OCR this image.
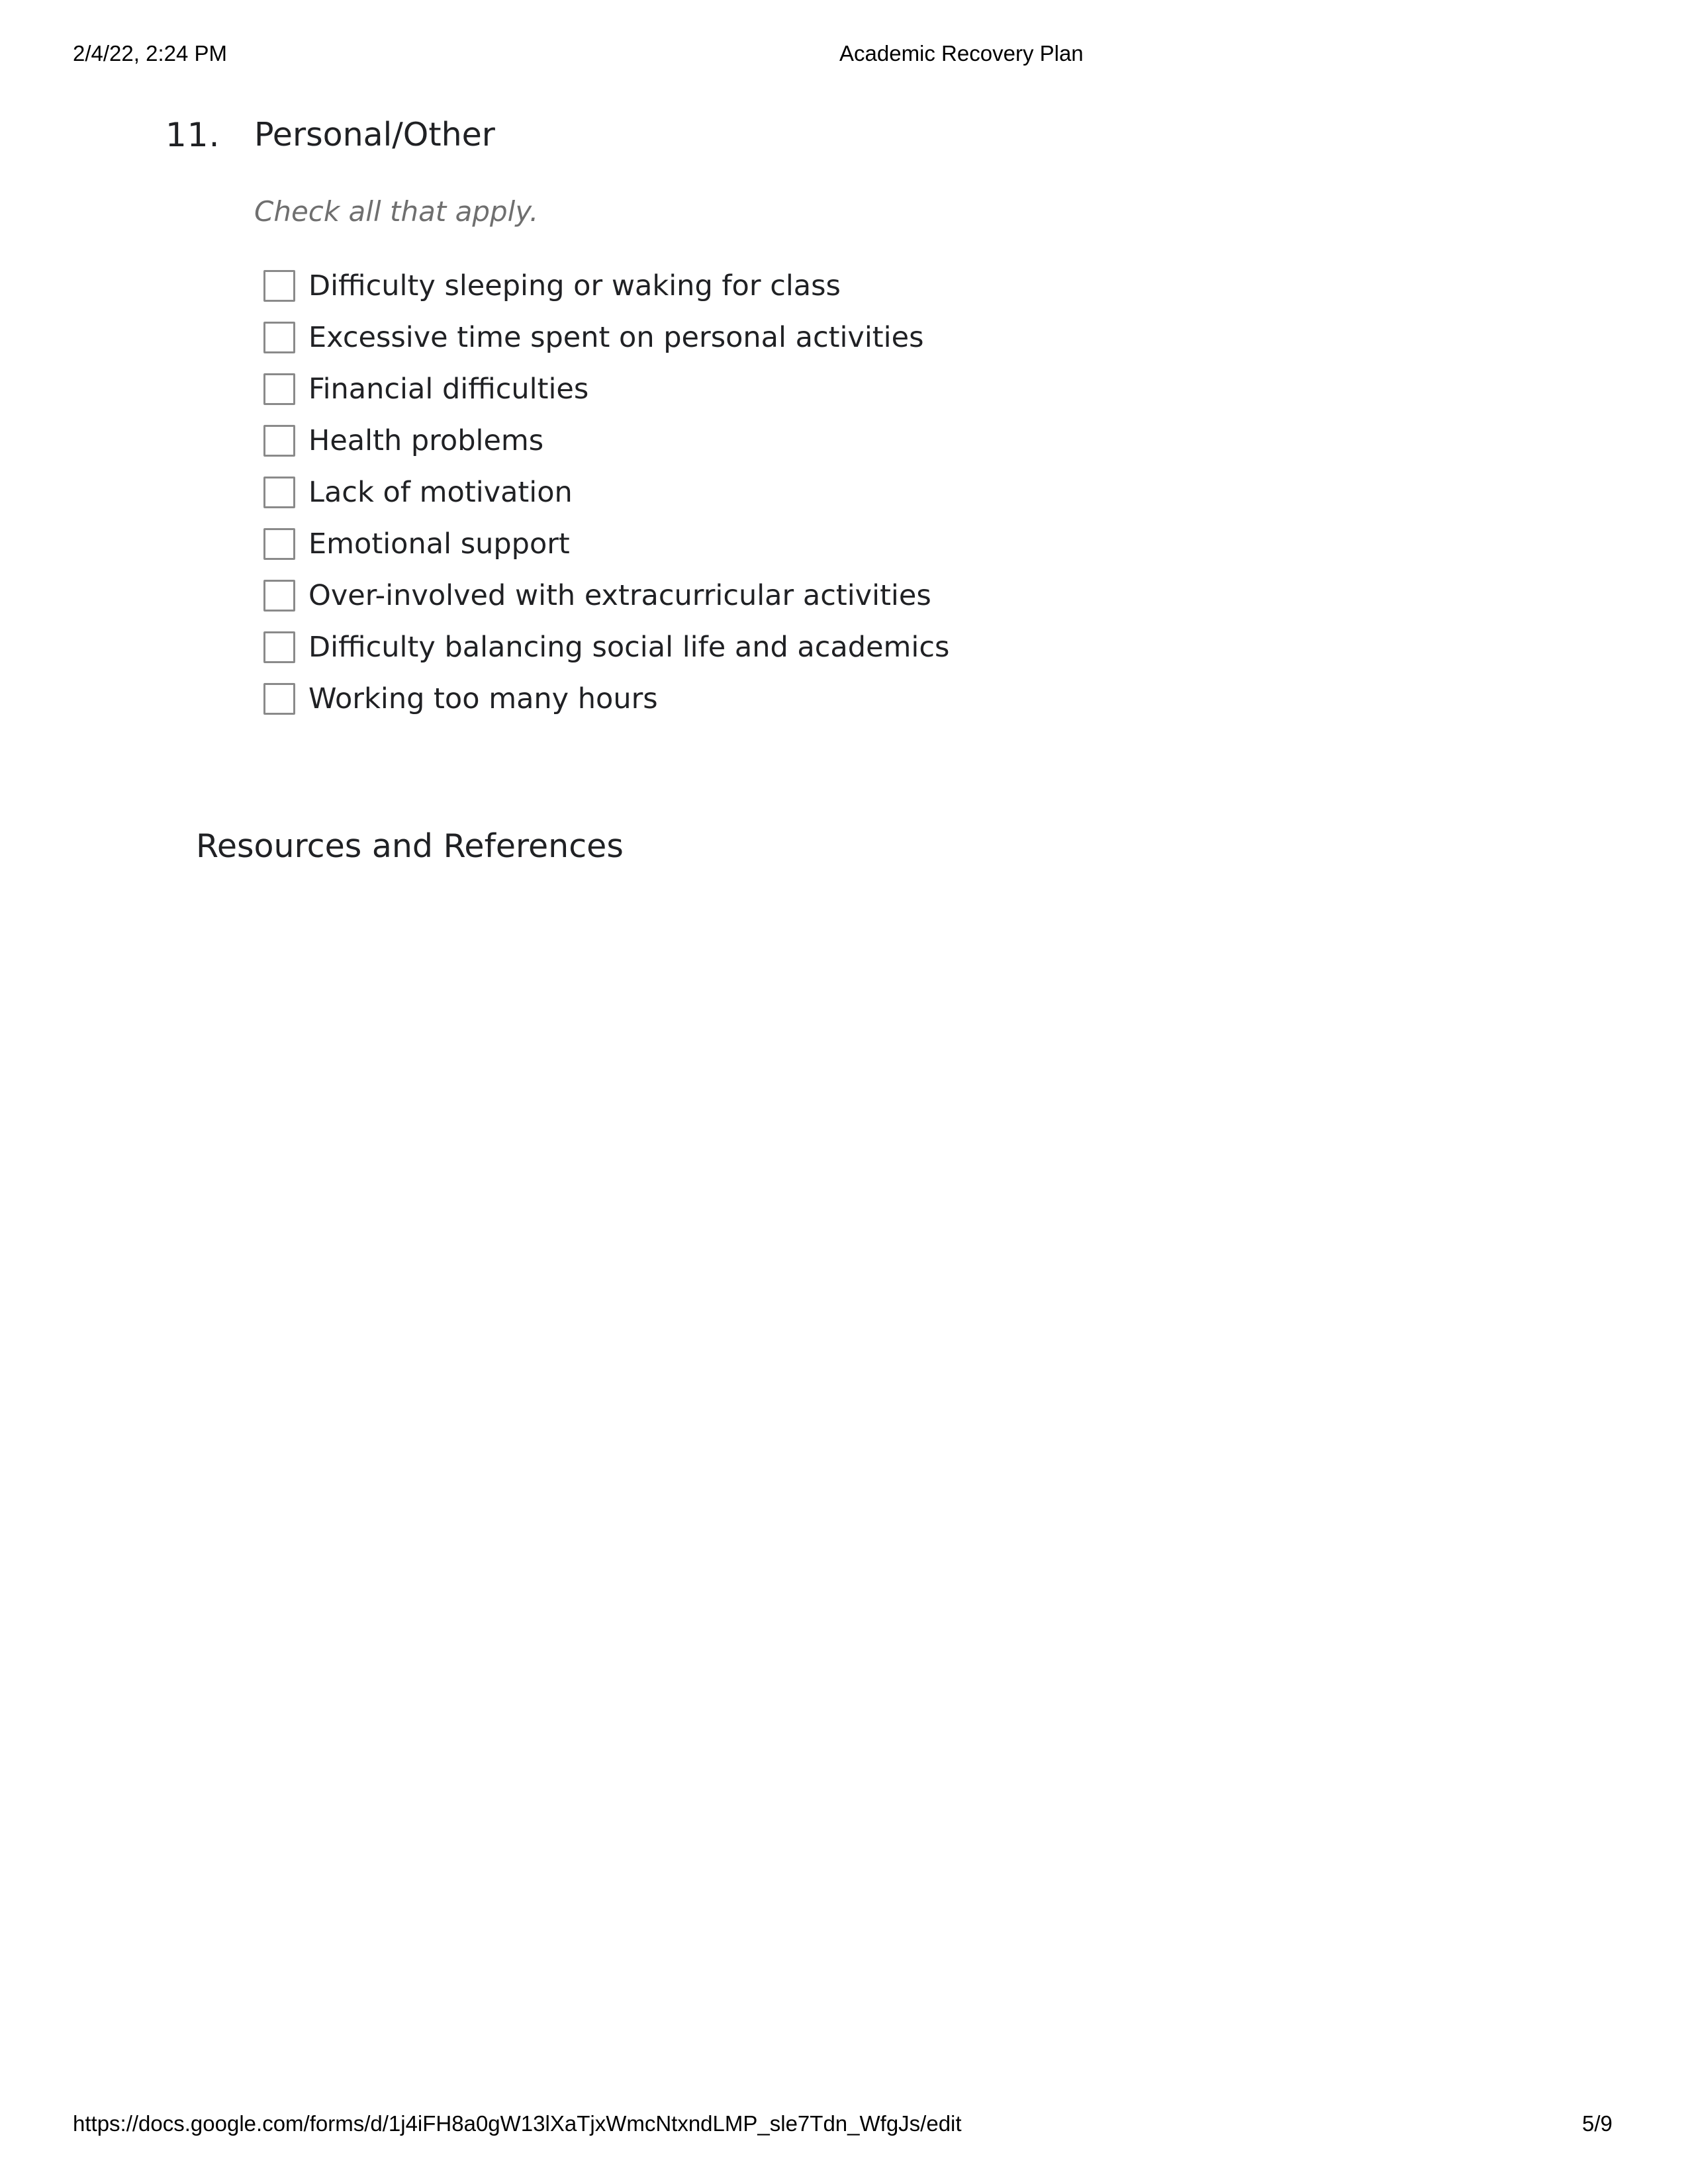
2/4/22, 2:24 PM	Academic Recovery Plan
11. Personal/Other
Check all that apply.
Difficulty sleeping or waking for class
Excessive time spent on personal activities
Financial difficulties
Health problems
Lack of motivation
Emotional support
Over-involved with extracurricular activities
Difficulty balancing social life and academics
Working too many hours
Resources and References
https://docs.google.com/forms/d/1j4iFH8a0gW13lXaTjxWmcNtxndLMP_sle7Tdn_WfgJs/edit	5/9
